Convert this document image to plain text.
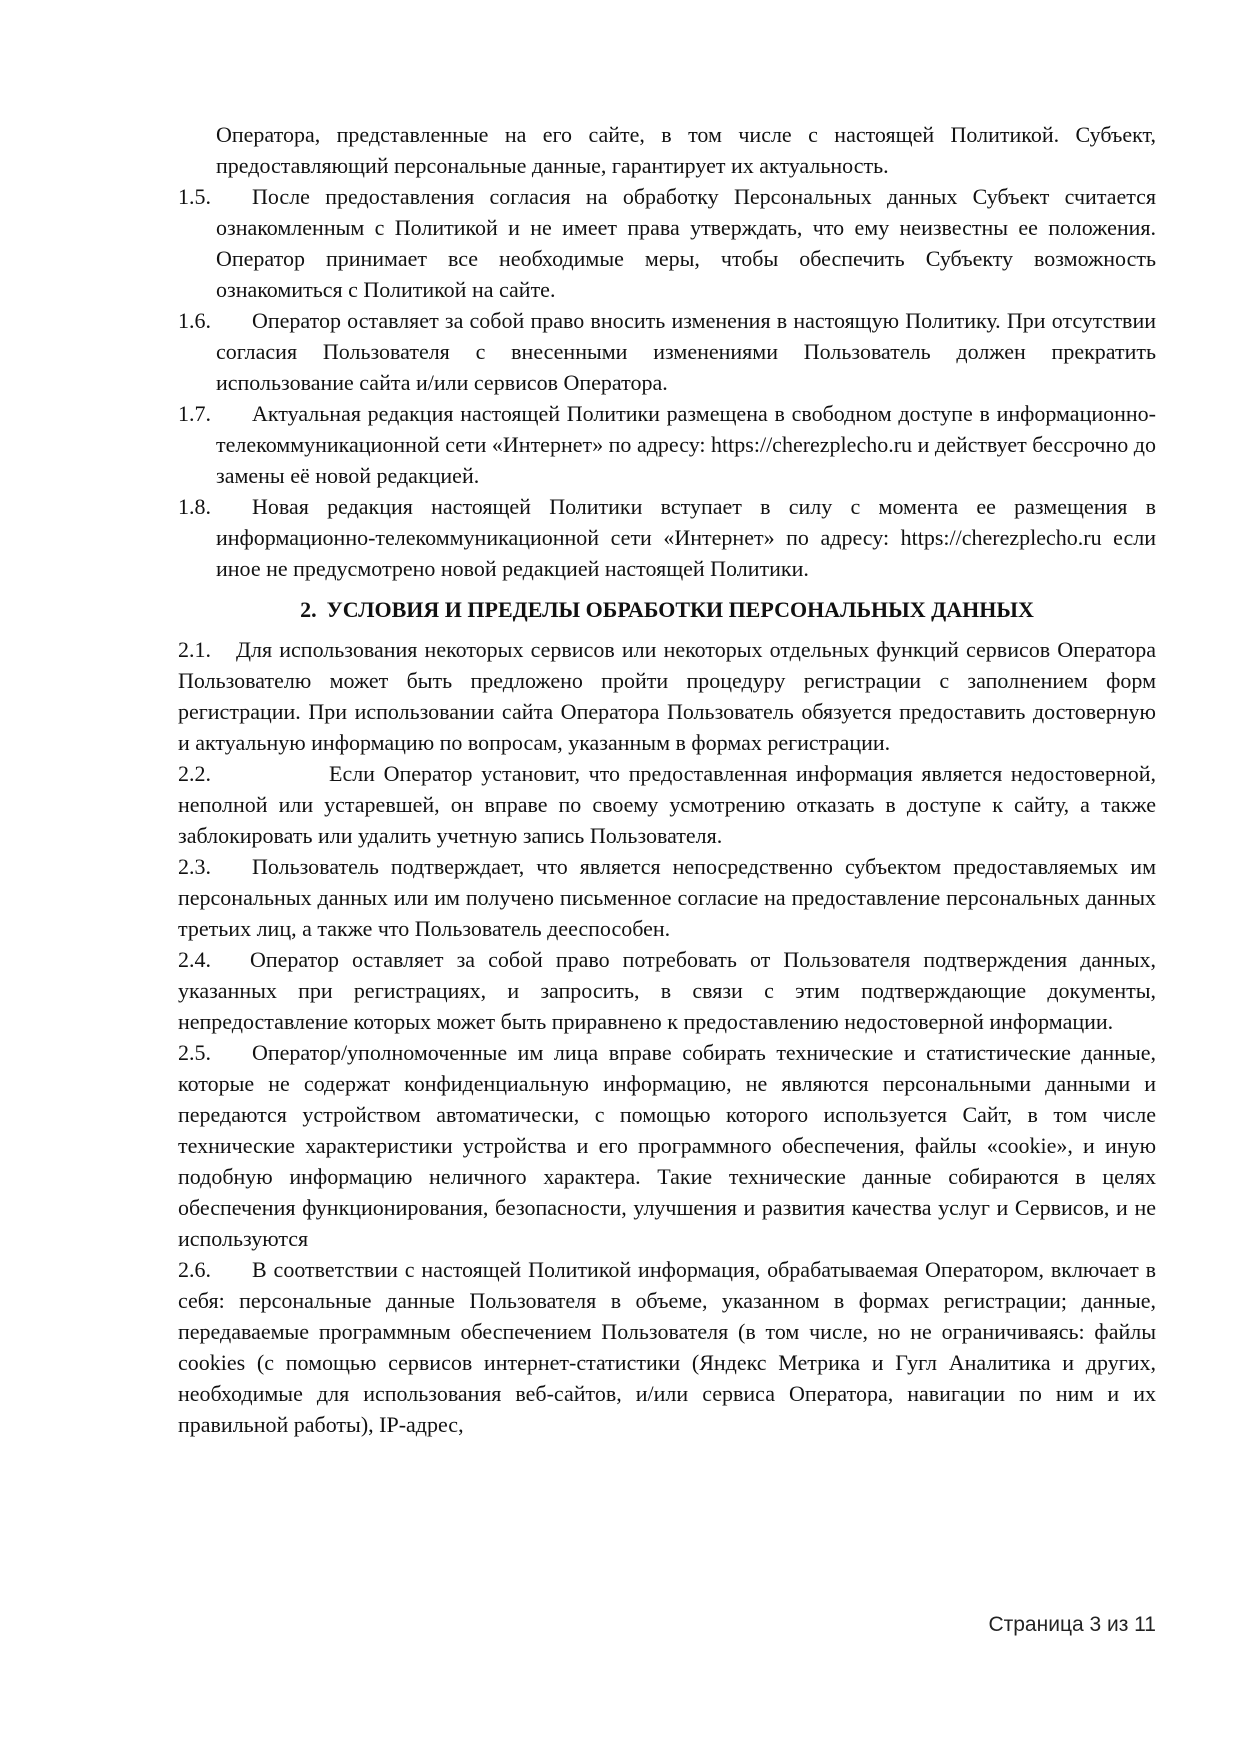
Оператора, представленные на его сайте, в том числе с настоящей Политикой. Субъект, предоставляющий персональные данные, гарантирует их актуальность.

1.5. После предоставления согласия на обработку Персональных данных Субъект считается ознакомленным с Политикой и не имеет права утверждать, что ему неизвестны ее положения. Оператор принимает все необходимые меры, чтобы обеспечить Субъекту возможность ознакомиться с Политикой на сайте.

1.6. Оператор оставляет за собой право вносить изменения в настоящую Политику. При отсутствии согласия Пользователя с внесенными изменениями Пользователь должен прекратить использование сайта и/или сервисов Оператора.

1.7. Актуальная редакция настоящей Политики размещена в свободном доступе в информационно-телекоммуникационной сети «Интернет» по адресу: https://cherezplecho.ru и действует бессрочно до замены её новой редакцией.

1.8. Новая редакция настоящей Политики вступает в силу с момента ее размещения в информационно-телекоммуникационной сети «Интернет» по адресу: https://cherezplecho.ru если иное не предусмотрено новой редакцией настоящей Политики.

2. УСЛОВИЯ И ПРЕДЕЛЫ ОБРАБОТКИ ПЕРСОНАЛЬНЫХ ДАННЫХ

2.1. Для использования некоторых сервисов или некоторых отдельных функций сервисов Оператора Пользователю может быть предложено пройти процедуру регистрации с заполнением форм регистрации. При использовании сайта Оператора Пользователь обязуется предоставить достоверную и актуальную информацию по вопросам, указанным в формах регистрации.

2.2.	Если Оператор установит, что предоставленная информация является недостоверной, неполной или устаревшей, он вправе по своему усмотрению отказать в доступе к сайту, а также заблокировать или удалить учетную запись Пользователя.

2.3. Пользователь подтверждает, что является непосредственно субъектом предоставляемых им персональных данных или им получено письменное согласие на предоставление персональных данных третьих лиц, а также что Пользователь дееспособен.

2.4. Оператор оставляет за собой право потребовать от Пользователя подтверждения данных, указанных при регистрациях, и запросить, в связи с этим подтверждающие документы, непредоставление которых может быть приравнено к предоставлению недостоверной информации.

2.5. Оператор/уполномоченные им лица вправе собирать технические и статистические данные, которые не содержат конфиденциальную информацию, не являются персональными данными и передаются устройством автоматически, с помощью которого используется Сайт, в том числе технические характеристики устройства и его программного обеспечения, файлы «cookie», и иную подобную информацию неличного характера. Такие технические данные собираются в целях обеспечения функционирования, безопасности, улучшения и развития качества услуг и Сервисов, и не используются

2.6. В соответствии с настоящей Политикой информация, обрабатываемая Оператором, включает в себя: персональные данные Пользователя в объеме, указанном в формах регистрации; данные, передаваемые программным обеспечением Пользователя (в том числе, но не ограничиваясь: файлы cookies (с помощью сервисов интернет-статистики (Яндекс Метрика и Гугл Аналитика и других, необходимые для использования веб-сайтов, и/или сервиса Оператора, навигации по ним и их правильной работы), IP-адрес,

Страница 3 из 11
